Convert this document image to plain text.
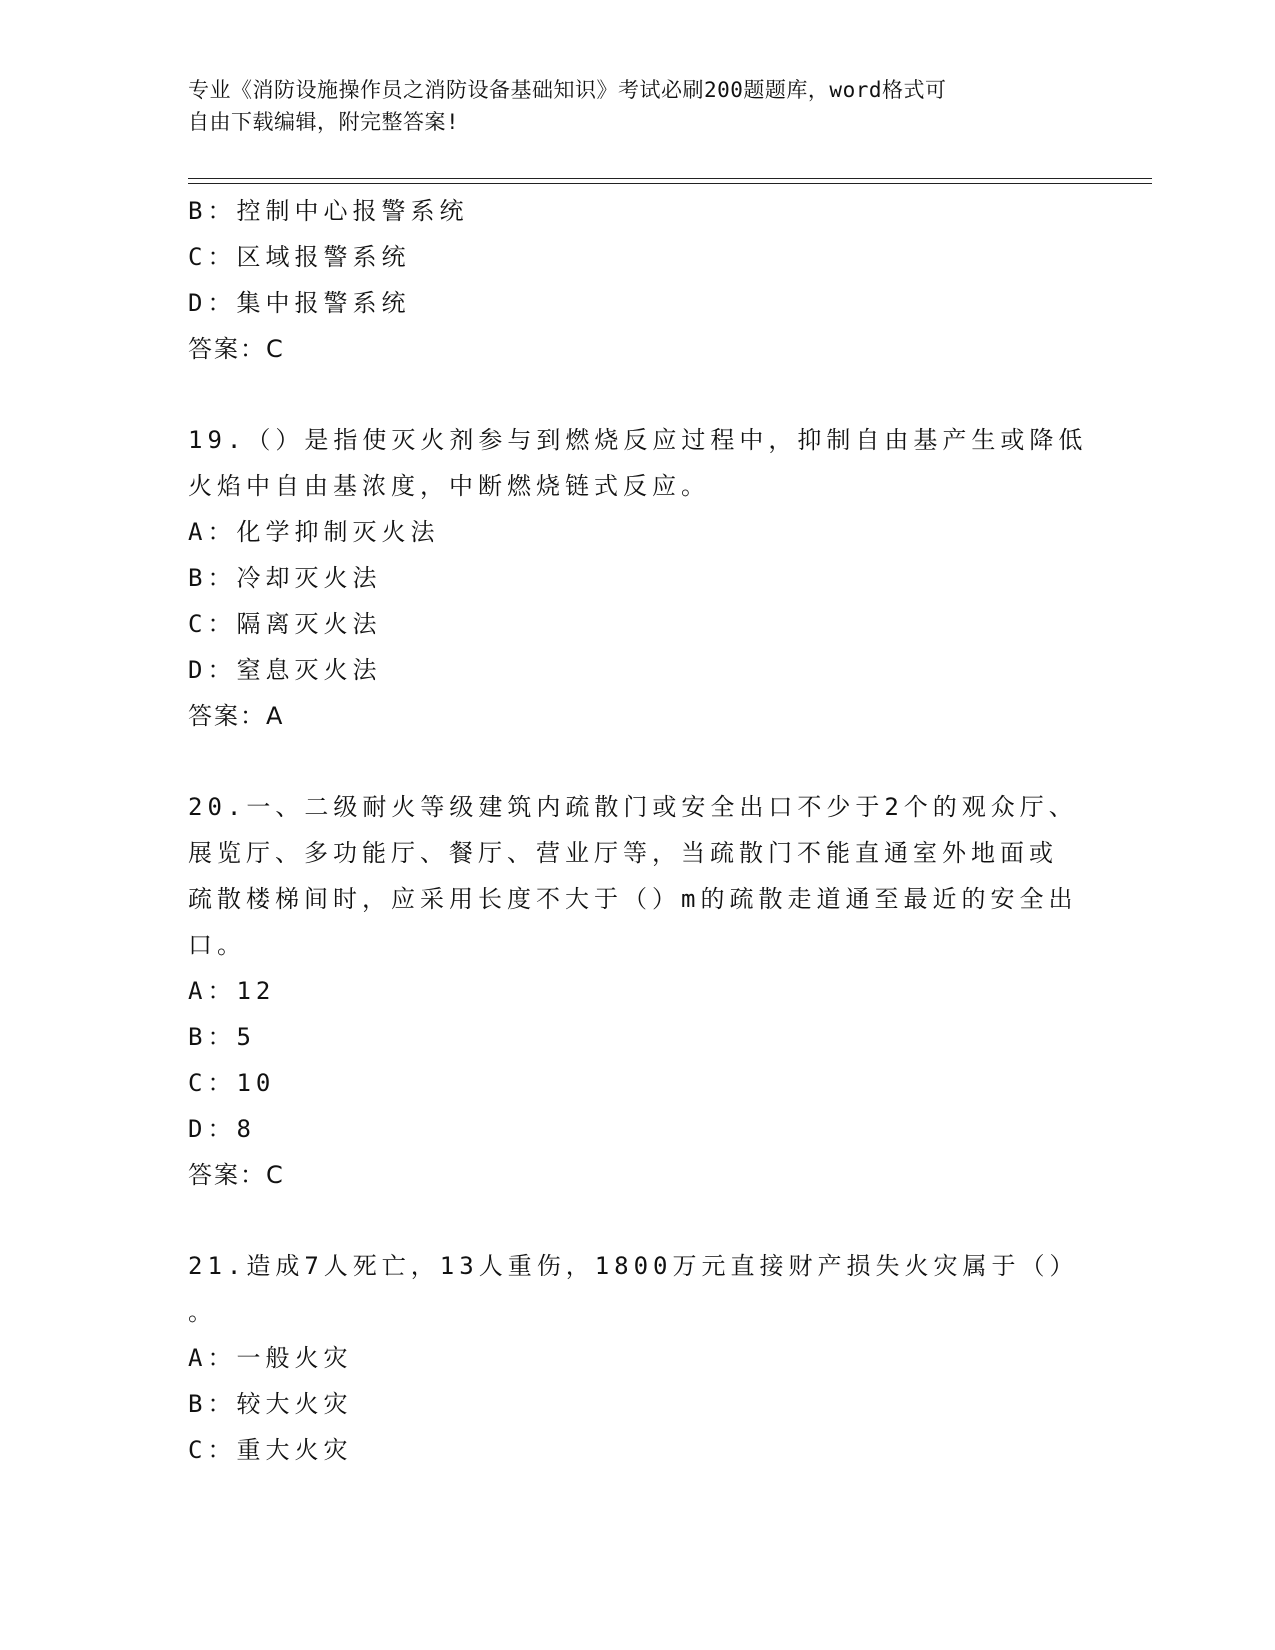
专业《消防设施操作员之消防设备基础知识》考试必刷200题题库，word格式可
自由下载编辑，附完整答案!
B：控制中心报警系统
C：区域报警系统
D：集中报警系统
答案：C
19.（）是指使灭火剂参与到燃烧反应过程中，抑制自由基产生或降低
火焰中自由基浓度，中断燃烧链式反应。
A：化学抑制灭火法
B：冷却灭火法
C：隔离灭火法
D：窒息灭火法
答案：A
20.一、二级耐火等级建筑内疏散门或安全出口不少于2个的观众厅、
展览厅、多功能厅、餐厅、营业厅等，当疏散门不能直通室外地面或
疏散楼梯间时，应采用长度不大于（）m的疏散走道通至最近的安全出
口。
A：12
B：5
C：10
D：8
答案：C
21.造成7人死亡，13人重伤，1800万元直接财产损失火灾属于（）
。
A：一般火灾
B：较大火灾
C：重大火灾
